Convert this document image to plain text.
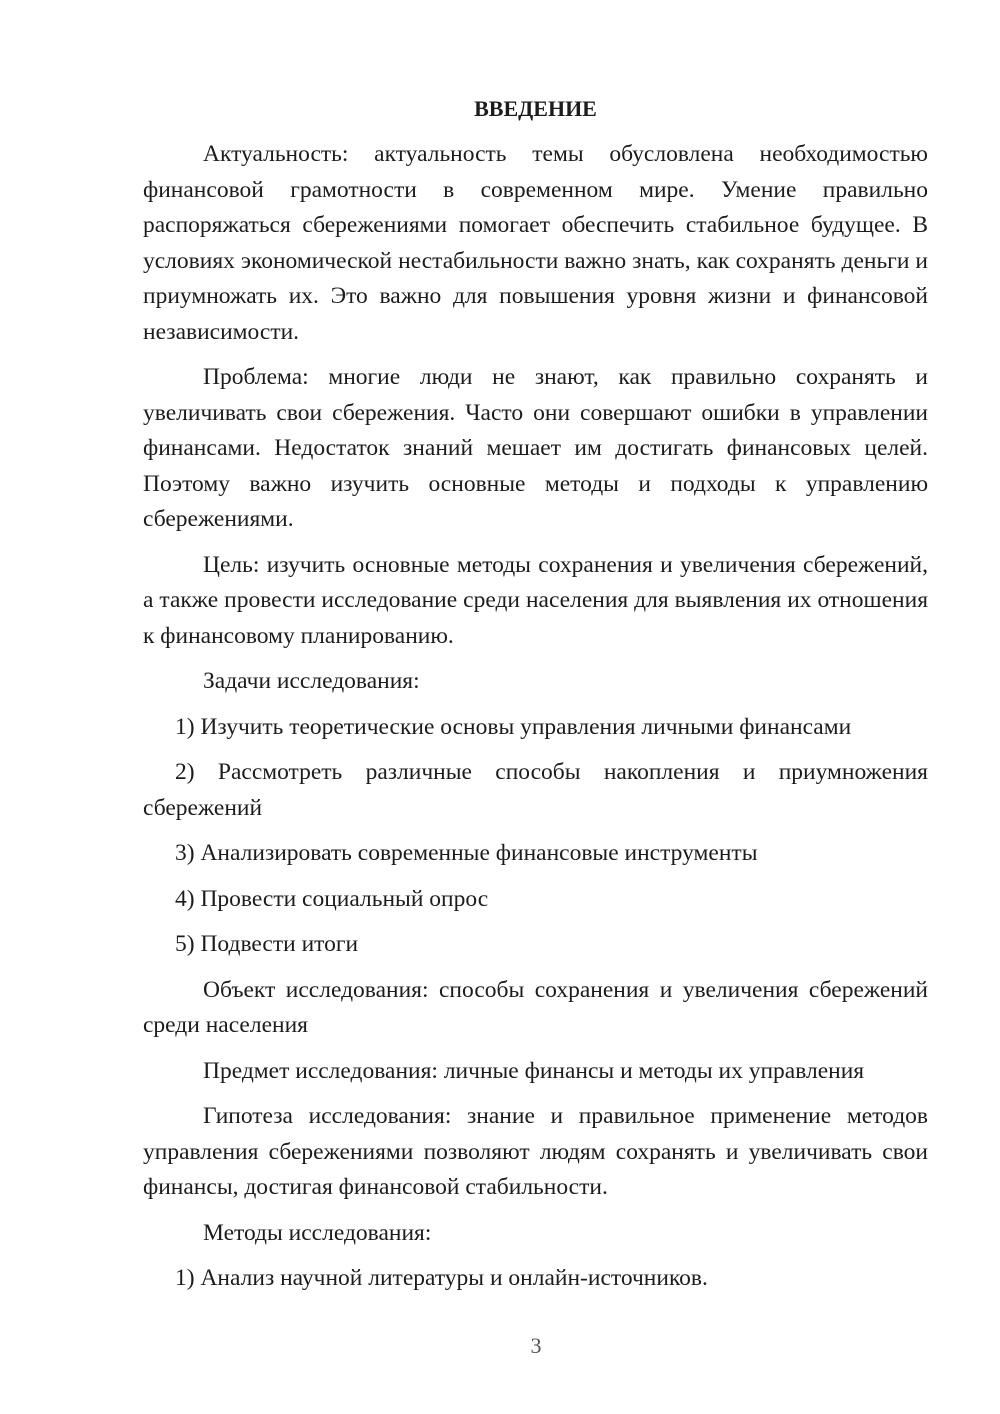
ВВЕДЕНИЕ

Актуальность: актуальность темы обусловлена необходимостью финансовой грамотности в современном мире. Умение правильно распоряжаться сбережениями помогает обеспечить стабильное будущее. В условиях экономической нестабильности важно знать, как сохранять деньги и приумножать их. Это важно для повышения уровня жизни и финансовой независимости.

Проблема: многие люди не знают, как правильно сохранять и увеличивать свои сбережения. Часто они совершают ошибки в управлении финансами. Недостаток знаний мешает им достигать финансовых целей. Поэтому важно изучить основные методы и подходы к управлению сбережениями.

Цель: изучить основные методы сохранения и увеличения сбережений, а также провести исследование среди населения для выявления их отношения к финансовому планированию.

Задачи исследования:

1) Изучить теоретические основы управления личными финансами

2) Рассмотреть различные способы накопления и приумножения сбережений

3) Анализировать современные финансовые инструменты

4) Провести социальный опрос

5) Подвести итоги

Объект исследования: способы сохранения и увеличения сбережений среди населения

Предмет исследования: личные финансы и методы их управления

Гипотеза исследования: знание и правильное применение методов управления сбережениями позволяют людям сохранять и увеличивать свои финансы, достигая финансовой стабильности.

Методы исследования:

1) Анализ научной литературы и онлайн-источников.

3
